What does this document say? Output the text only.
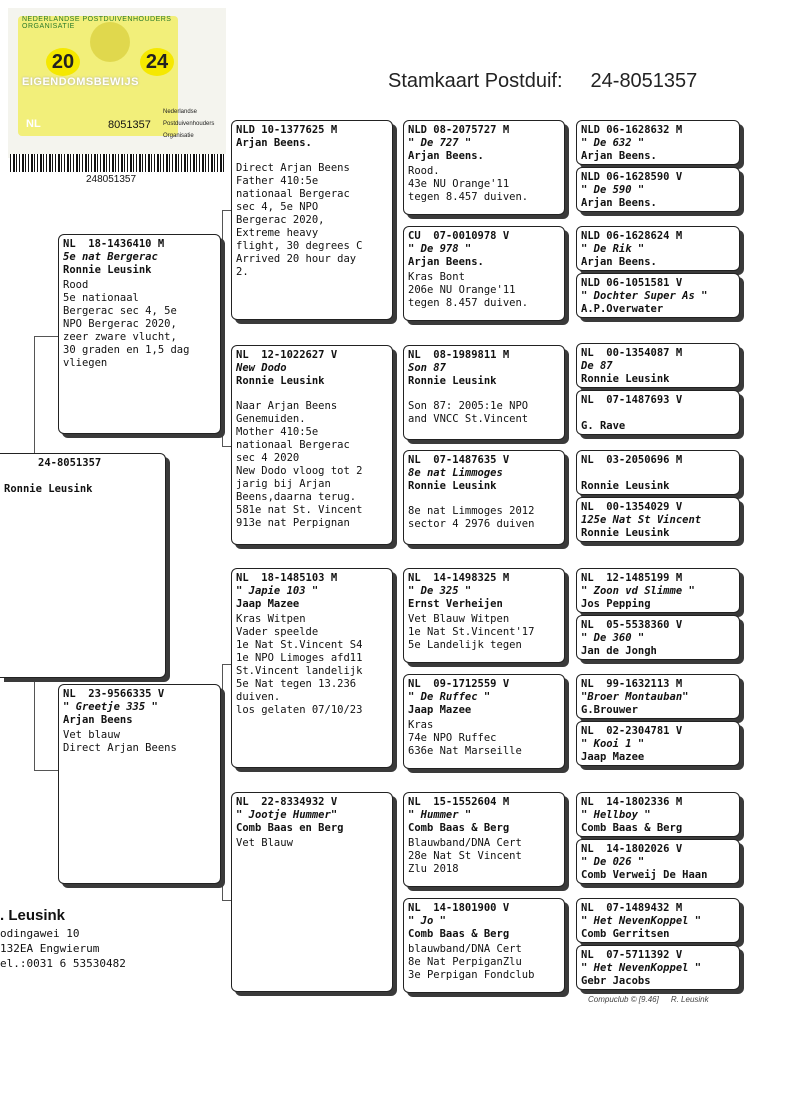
Stamkaart Postduif: 24-8051357
NEDERLANDSE POSTDUIVENHOUDERS ORGANISATIE
20	24
EIGENDOMSBEWIJS
NL	8051357
Nederlandse
Postduivenhouders
Organisatie
248051357
24-8051357
Ronnie Leusink
NL  18-1436410 M
5e nat Bergerac
Ronnie Leusink
Rood
5e nationaal
Bergerac sec 4, 5e
NPO Bergerac 2020,
zeer zware vlucht,
30 graden en 1,5 dag
vliegen
NL  23-9566335 V
" Greetje 335 "
Arjan Beens
Vet blauw
Direct Arjan Beens
NLD 10-1377625 M
Arjan Beens.
Direct Arjan Beens
Father 410:5e
nationaal Bergerac
sec 4, 5e NPO
Bergerac 2020,
Extreme heavy
flight, 30 degrees C
Arrived 20 hour day
2.
NL  12-1022627 V
New Dodo
Ronnie Leusink
Naar Arjan Beens
Genemuiden.
Mother 410:5e
nationaal Bergerac
sec 4 2020
New Dodo vloog tot 2
jarig bij Arjan
Beens,daarna terug.
581e nat St. Vincent
913e nat Perpignan
NL  18-1485103 M
" Japie 103 "
Jaap Mazee
Kras Witpen
Vader speelde
1e Nat St.Vincent S4
1e NPO Limoges afd11
St.Vincent landelijk
5e Nat tegen 13.236
duiven.
los gelaten 07/10/23
NL  22-8334932 V
" Jootje Hummer"
Comb Baas en Berg
Vet Blauw
NLD 08-2075727 M
" De 727 "
Arjan Beens.
Rood.
43e NU Orange'11
tegen 8.457 duiven.
CU  07-0010978 V
" De 978 "
Arjan Beens.
Kras Bont
206e NU Orange'11
tegen 8.457 duiven.
NL  08-1989811 M
Son 87
Ronnie Leusink
Son 87: 2005:1e NPO
and VNCC St.Vincent
NL  07-1487635 V
8e nat Limmoges
Ronnie Leusink
8e nat Limmoges 2012
sector 4 2976 duiven
NL  14-1498325 M
" De 325 "
Ernst Verheijen
Vet Blauw Witpen
1e Nat St.Vincent'17
5e Landelijk tegen
NL  09-1712559 V
" De Ruffec "
Jaap Mazee
Kras
74e NPO Ruffec
636e Nat Marseille
NL  15-1552604 M
" Hummer "
Comb Baas & Berg
Blauwband/DNA Cert
28e Nat St Vincent
Zlu 2018
NL  14-1801900 V
" Jo "
Comb Baas & Berg
blauwband/DNA Cert
8e Nat PerpiganZlu
3e Perpigan Fondclub
NLD 06-1628632 M
" De 632 "
Arjan Beens.
NLD 06-1628590 V
" De 590 "
Arjan Beens.
NLD 06-1628624 M
" De Rik "
Arjan Beens.
NLD 06-1051581 V
" Dochter Super As "
A.P.Overwater
NL  00-1354087 M
De 87
Ronnie Leusink
NL  07-1487693 V
G. Rave
NL  03-2050696 M
Ronnie Leusink
NL  00-1354029 V
125e Nat St Vincent
Ronnie Leusink
NL  12-1485199 M
" Zoon vd Slimme "
Jos Pepping
NL  05-5538360 V
" De 360 "
Jan de Jongh
NL  99-1632113 M
"Broer Montauban"
G.Brouwer
NL  02-2304781 V
" Kooi 1 "
Jaap Mazee
NL  14-1802336 M
" Hellboy "
Comb Baas & Berg
NL  14-1802026 V
" De 026 "
Comb Verweij De Haan
NL  07-1489432 M
" Het NevenKoppel "
Comb Gerritsen
NL  07-5711392 V
" Het NevenKoppel "
Gebr Jacobs
. Leusink
odingawei 10
132EA Engwierum
el.:0031 6 53530482
Compuclub © [9.46] R. Leusink
